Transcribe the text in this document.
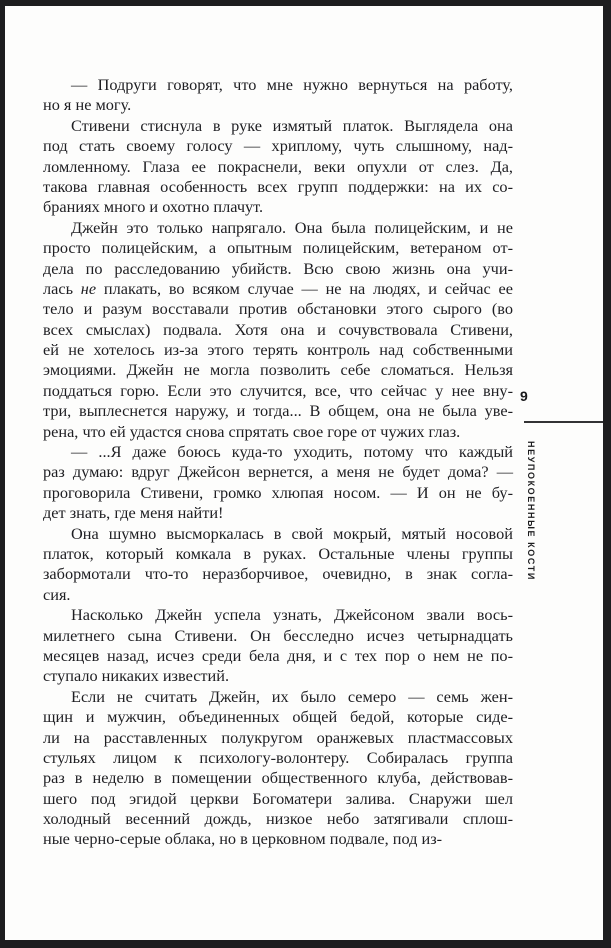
— Подруги говорят, что мне нужно вернуться на работу,
но я не могу.
Стивени стиснула в руке измятый платок. Выглядела она
под стать своему голосу — хриплому, чуть слышному, над-
ломленному. Глаза ее покраснели, веки опухли от слез. Да,
такова главная особенность всех групп поддержки: на их со-
браниях много и охотно плачут.
Джейн это только напрягало. Она была полицейским, и не
просто полицейским, а опытным полицейским, ветераном от-
дела по расследованию убийств. Всю свою жизнь она учи-
лась не плакать, во всяком случае — не на людях, и сейчас ее
тело и разум восставали против обстановки этого сырого (во
всех смыслах) подвала. Хотя она и сочувствовала Стивени,
ей не хотелось из-за этого терять контроль над собственными
эмоциями. Джейн не могла позволить себе сломаться. Нельзя
поддаться горю. Если это случится, все, что сейчас у нее вну-
три, выплеснется наружу, и тогда... В общем, она не была уве-
рена, что ей удастся снова спрятать свое горе от чужих глаз.
— ...Я даже боюсь куда-то уходить, потому что каждый
раз думаю: вдруг Джейсон вернется, а меня не будет дома? —
проговорила Стивени, громко хлюпая носом. — И он не бу-
дет знать, где меня найти!
Она шумно высморкалась в свой мокрый, мятый носовой
платок, который комкала в руках. Остальные члены группы
забормотали что-то неразборчивое, очевидно, в знак согла-
сия.
Насколько Джейн успела узнать, Джейсоном звали вось-
милетнего сына Стивени. Он бесследно исчез четырнадцать
месяцев назад, исчез среди бела дня, и с тех пор о нем не по-
ступало никаких известий.
Если не считать Джейн, их было семеро — семь жен-
щин и мужчин, объединенных общей бедой, которые сиде-
ли на расставленных полукругом оранжевых пластмассовых
стульях лицом к психологу-волонтеру. Собиралась группа
раз в неделю в помещении общественного клуба, действовав-
шего под эгидой церкви Богоматери залива. Снаружи шел
холодный весенний дождь, низкое небо затягивали сплош-
ные черно-серые облака, но в церковном подвале, под из-
9
НЕУПОКОЕННЫЕ КОСТИ
